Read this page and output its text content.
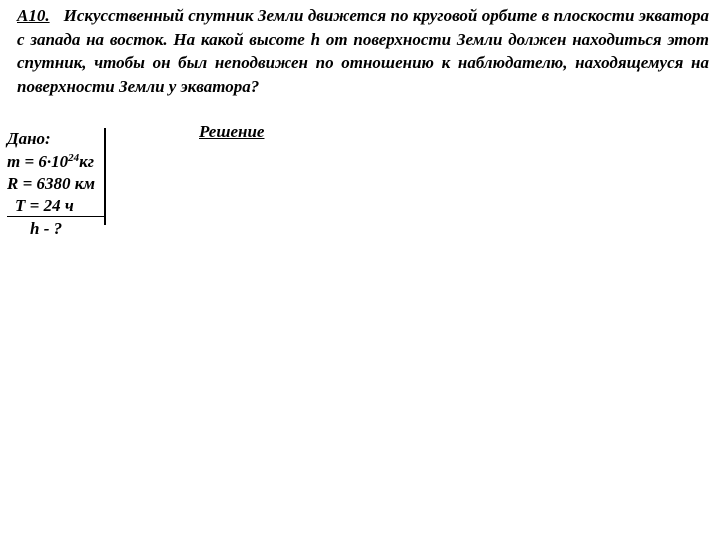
А10. Искусственный спутник Земли движется по круговой орбите в плоскости экватора с запада на восток. На какой высоте h от поверхности Земли должен находиться этот спутник, чтобы он был неподвижен по отношению к наблюдателю, находящемуся на поверхности Земли у экватора?
Дано:
$m = 6\cdot 10^{24}кг$
R = 6380 км
T = 24 ч
h - ?
Решение
